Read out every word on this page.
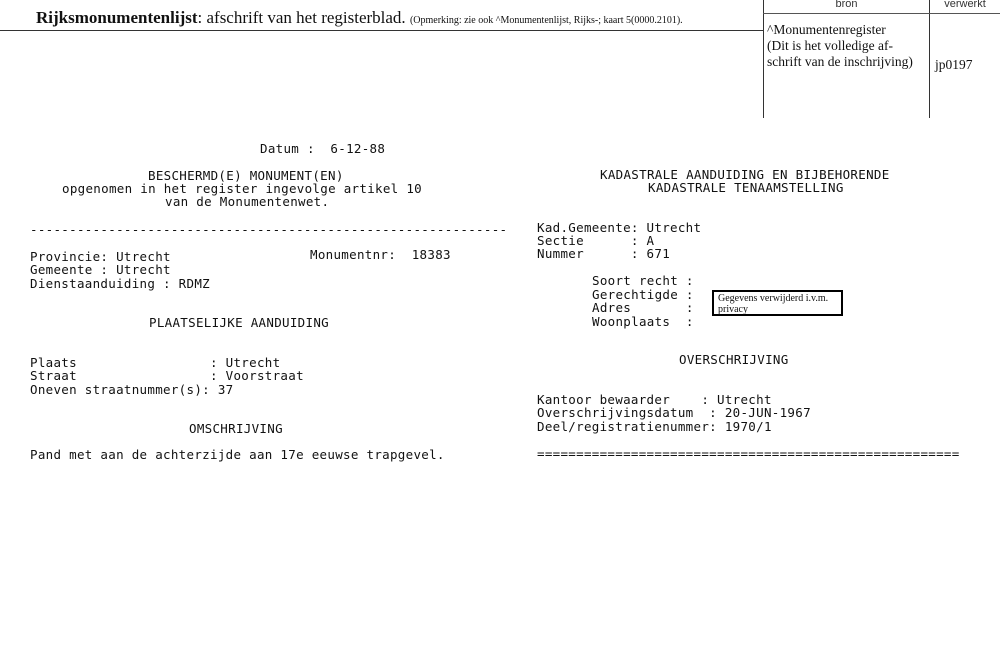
Rijksmonumentenlijst: afschrift van het registerblad. (Opmerking: zie ook ^Monumentenlijst, Rijks-; kaart 5(0000.2101).
bron	verwerkt
^Monumentenregister
(Dit is het volledige af-
schrift van de inschrijving)	jp0197
Datum :  6-12-88
BESCHERMD(E) MONUMENT(EN)
opgenomen in het register ingevolge artikel 10
van de Monumentenwet.
-------------------------------------------------------------
Provincie: Utrecht	Monumentnr:  18383
Gemeente : Utrecht
Dienstaanduiding : RDMZ
PLAATSELIJKE AANDUIDING
Plaats                 : Utrecht
Straat                 : Voorstraat
Oneven straatnummer(s): 37
OMSCHRIJVING
Pand met aan de achterzijde aan 17e eeuwse trapgevel.
KADASTRALE AANDUIDING EN BIJBEHORENDE
KADASTRALE TENAAMSTELLING
Kad.Gemeente: Utrecht
Sectie      : A
Nummer      : 671
Soort recht :
Gerechtigde :
Adres       :
Woonplaats  :
Gegevens verwijderd i.v.m. privacy
OVERSCHRIJVING
Kantoor bewaarder    : Utrecht
Overschrijvingsdatum  : 20-JUN-1967
Deel/registratienummer: 1970/1
======================================================
